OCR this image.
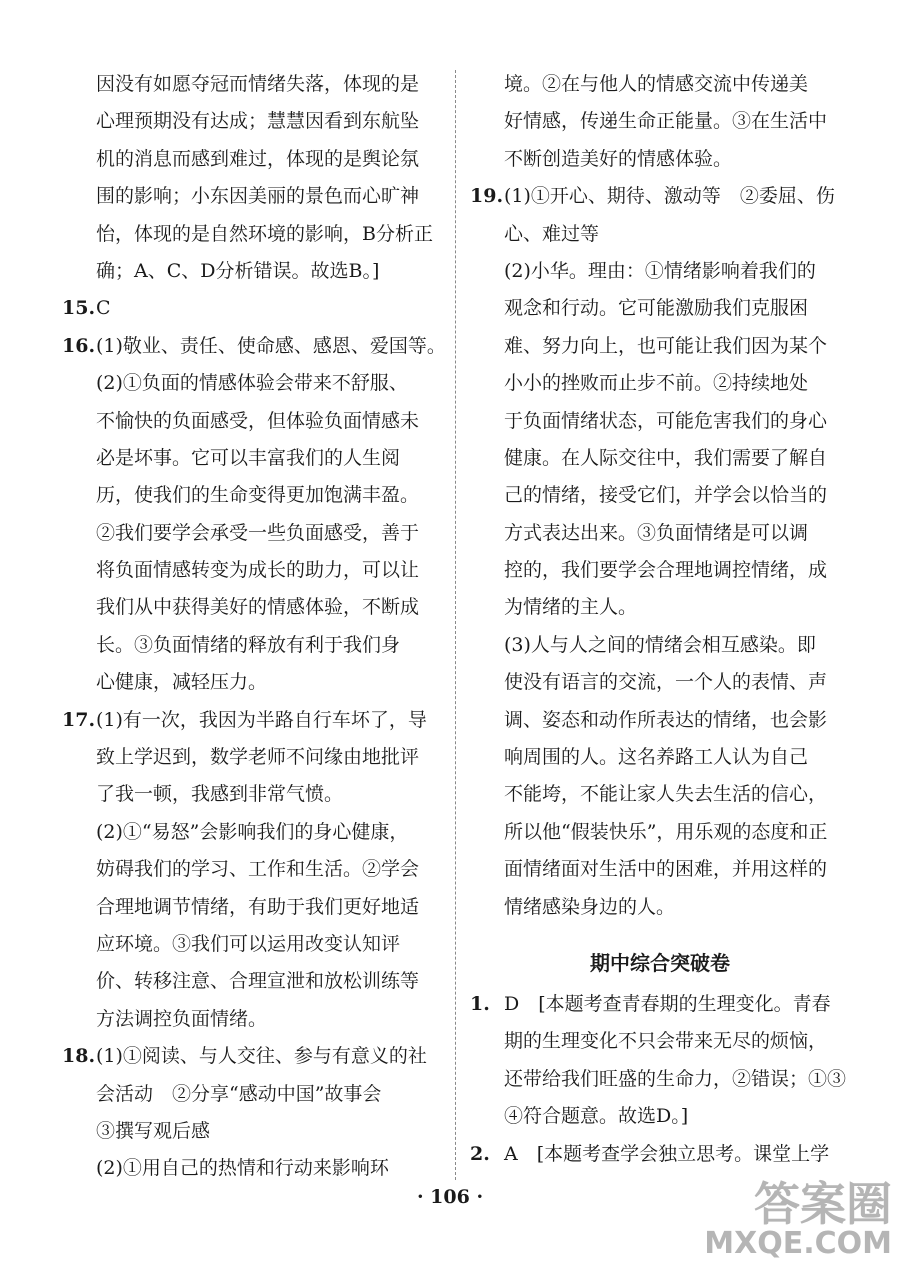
因没有如愿夺冠而情绪失落，体现的是
心理预期没有达成；慧慧因看到东航坠
机的消息而感到难过，体现的是舆论氛
围的影响；小东因美丽的景色而心旷神
怡，体现的是自然环境的影响，B分析正
确；A、C、D分析错误。故选B。]
15.C
16.(1)敬业、责任、使命感、感恩、爱国等。
(2)①负面的情感体验会带来不舒服、
不愉快的负面感受，但体验负面情感未
必是坏事。它可以丰富我们的人生阅
历，使我们的生命变得更加饱满丰盈。
②我们要学会承受一些负面感受，善于
将负面情感转变为成长的助力，可以让
我们从中获得美好的情感体验，不断成
长。③负面情绪的释放有利于我们身
心健康，减轻压力。
17.(1)有一次，我因为半路自行车坏了，导
致上学迟到，数学老师不问缘由地批评
了我一顿，我感到非常气愤。
(2)①“易怒”会影响我们的身心健康，
妨碍我们的学习、工作和生活。②学会
合理地调节情绪，有助于我们更好地适
应环境。③我们可以运用改变认知评
价、转移注意、合理宣泄和放松训练等
方法调控负面情绪。
18.(1)①阅读、与人交往、参与有意义的社
会活动　②分享“感动中国”故事会
③撰写观后感
(2)①用自己的热情和行动来影响环
境。②在与他人的情感交流中传递美
好情感，传递生命正能量。③在生活中
不断创造美好的情感体验。
19.(1)①开心、期待、激动等　②委屈、伤
心、难过等
(2)小华。理由：①情绪影响着我们的
观念和行动。它可能激励我们克服困
难、努力向上，也可能让我们因为某个
小小的挫败而止步不前。②持续地处
于负面情绪状态，可能危害我们的身心
健康。在人际交往中，我们需要了解自
己的情绪，接受它们，并学会以恰当的
方式表达出来。③负面情绪是可以调
控的，我们要学会合理地调控情绪，成
为情绪的主人。
(3)人与人之间的情绪会相互感染。即
使没有语言的交流，一个人的表情、声
调、姿态和动作所表达的情绪，也会影
响周围的人。这名养路工人认为自己
不能垮，不能让家人失去生活的信心，
所以他“假装快乐”，用乐观的态度和正
面情绪面对生活中的困难，并用这样的
情绪感染身边的人。
期中综合突破卷
1. D　[本题考查青春期的生理变化。青春
期的生理变化不只会带来无尽的烦恼，
还带给我们旺盛的生命力，②错误；①③
④符合题意。故选D。]
2. A　[本题考查学会独立思考。课堂上学
· 106 ·	答案圈
MXQE.COM
